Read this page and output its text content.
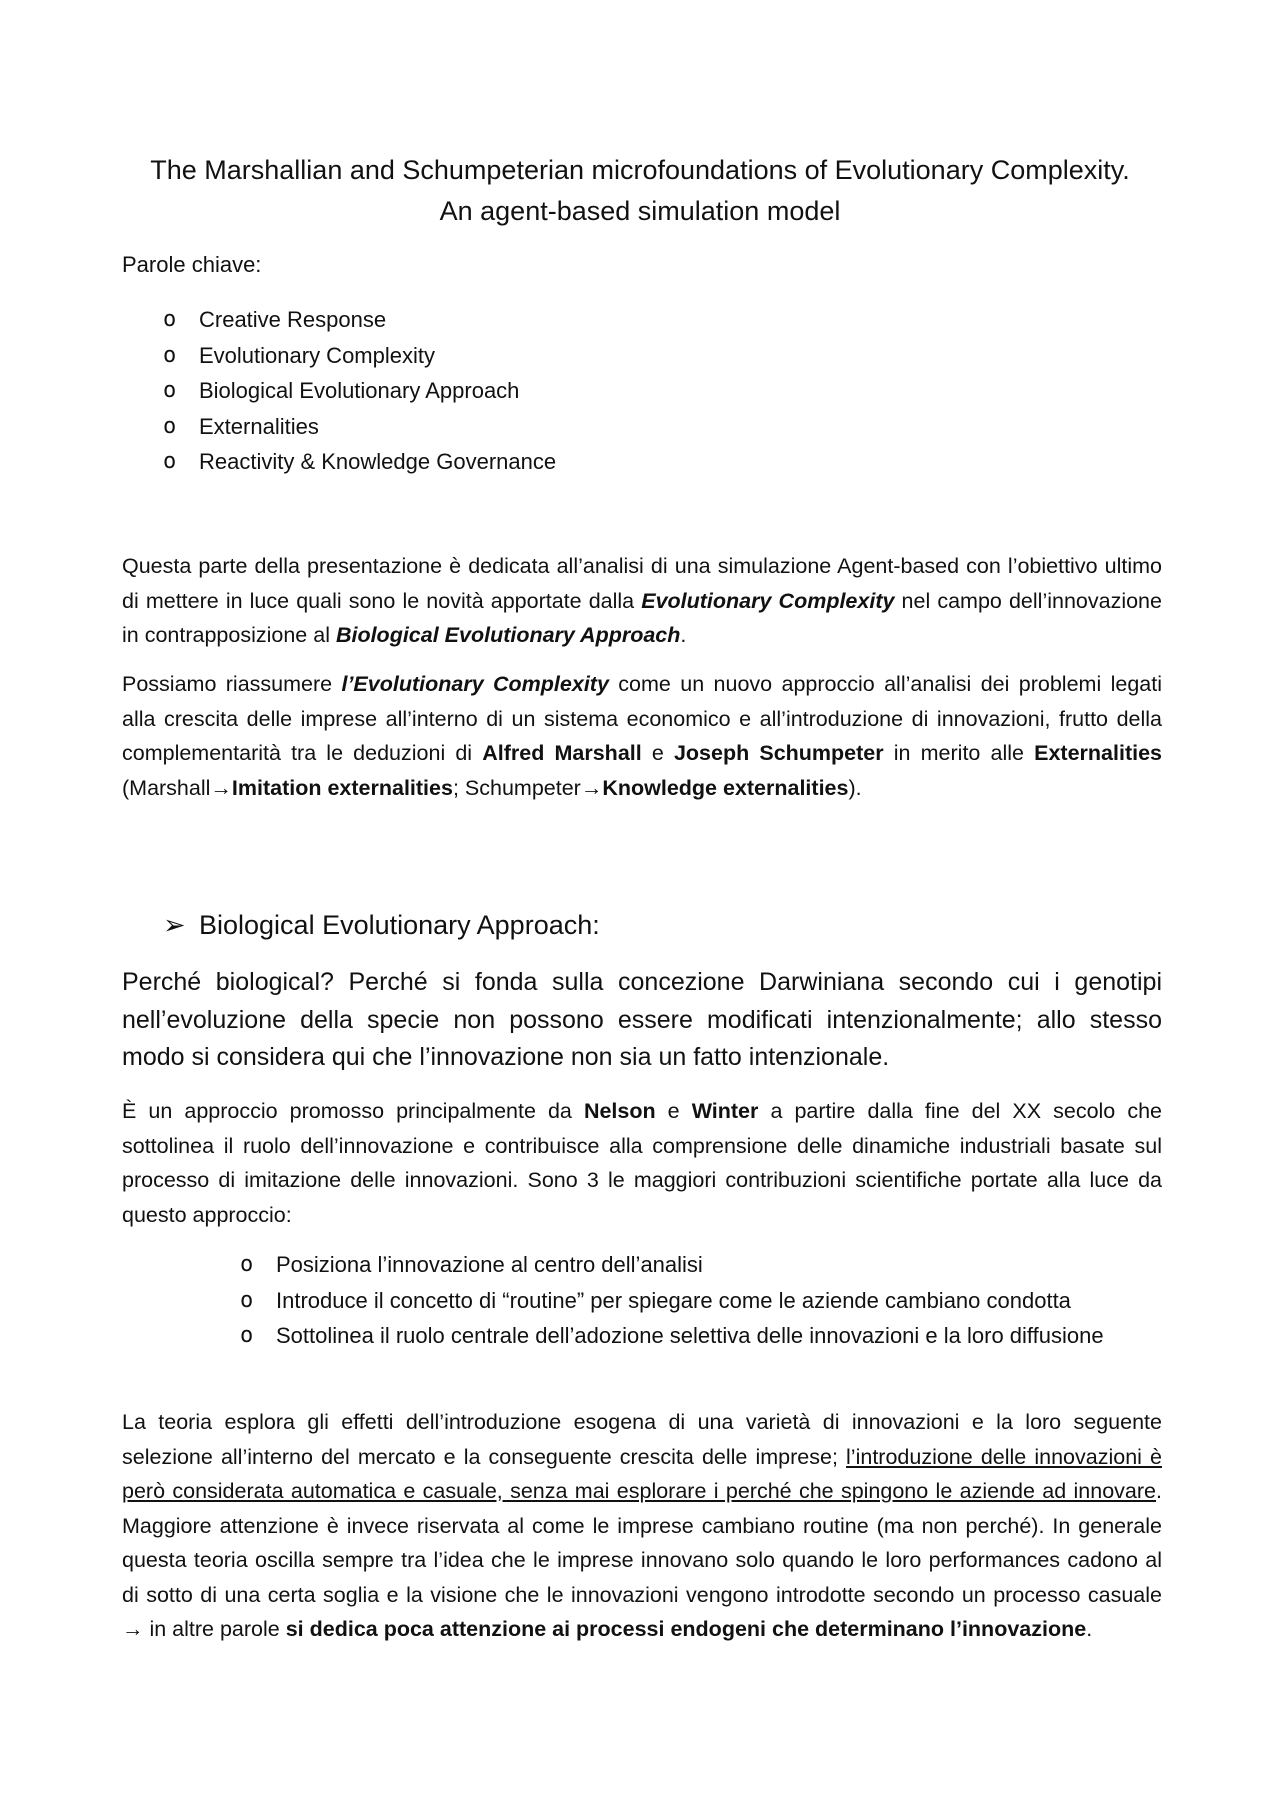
The Marshallian and Schumpeterian microfoundations of Evolutionary Complexity.
An agent-based simulation model
Parole chiave:
o Creative Response
o Evolutionary Complexity
o Biological Evolutionary Approach
o Externalities
o Reactivity & Knowledge Governance

Questa parte della presentazione è dedicata all’analisi di una simulazione Agent-based con l’obiettivo ultimo di mettere in luce quali sono le novità apportate dalla Evolutionary Complexity nel campo dell’innovazione in contrapposizione al Biological Evolutionary Approach.

Possiamo riassumere l’Evolutionary Complexity come un nuovo approccio all’analisi dei problemi legati alla crescita delle imprese all’interno di un sistema economico e all’introduzione di innovazioni, frutto della complementarità tra le deduzioni di Alfred Marshall e Joseph Schumpeter in merito alle Externalities (Marshall→Imitation externalities; Schumpeter→Knowledge externalities).

➢ Biological Evolutionary Approach:

Perché biological? Perché si fonda sulla concezione Darwiniana secondo cui i genotipi nell’evoluzione della specie non possono essere modificati intenzionalmente; allo stesso modo si considera qui che l’innovazione non sia un fatto intenzionale.

È un approccio promosso principalmente da Nelson e Winter a partire dalla fine del XX secolo che sottolinea il ruolo dell’innovazione e contribuisce alla comprensione delle dinamiche industriali basate sul processo di imitazione delle innovazioni. Sono 3 le maggiori contribuzioni scientifiche portate alla luce da questo approccio:

o Posiziona l’innovazione al centro dell’analisi
o Introduce il concetto di “routine” per spiegare come le aziende cambiano condotta
o Sottolinea il ruolo centrale dell’adozione selettiva delle innovazioni e la loro diffusione

La teoria esplora gli effetti dell’introduzione esogena di una varietà di innovazioni e la loro seguente selezione all’interno del mercato e la conseguente crescita delle imprese; l’introduzione delle innovazioni è però considerata automatica e casuale, senza mai esplorare i perché che spingono le aziende ad innovare. Maggiore attenzione è invece riservata al come le imprese cambiano routine (ma non perché). In generale questa teoria oscilla sempre tra l’idea che le imprese innovano solo quando le loro performances cadono al di sotto di una certa soglia e la visione che le innovazioni vengono introdotte secondo un processo casuale → in altre parole si dedica poca attenzione ai processi endogeni che determinano l’innovazione.
